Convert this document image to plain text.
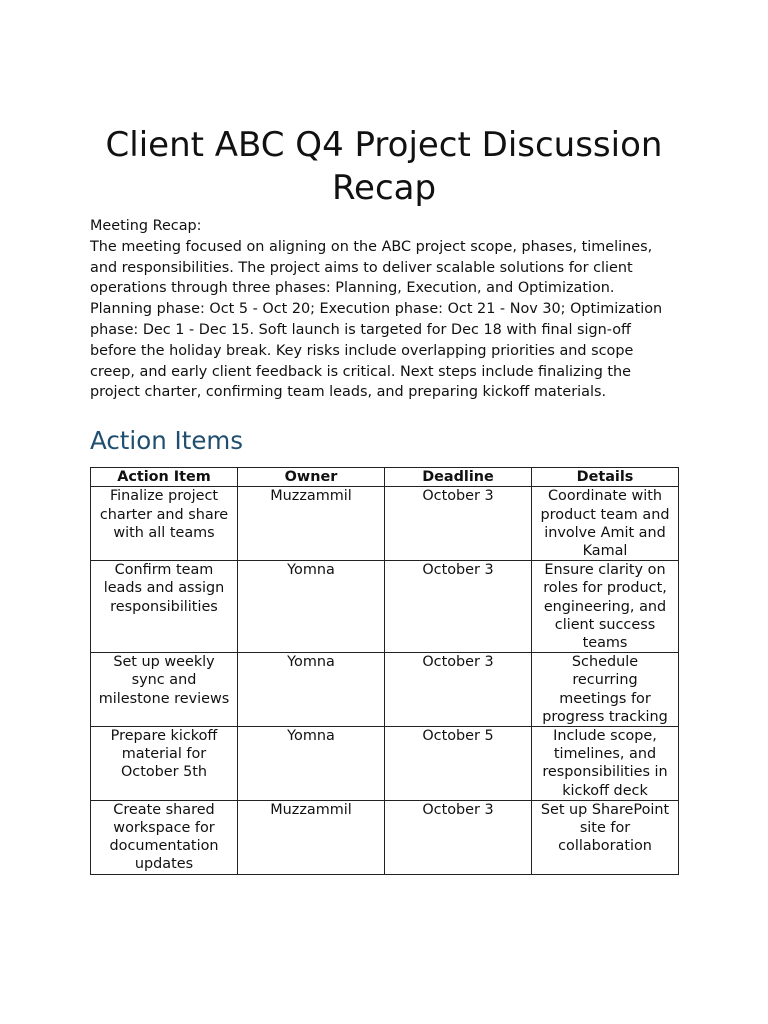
Client ABC Q4 Project Discussion Recap
Meeting Recap:
The meeting focused on aligning on the ABC project scope, phases, timelines, and responsibilities. The project aims to deliver scalable solutions for client operations through three phases: Planning, Execution, and Optimization. Planning phase: Oct 5 - Oct 20; Execution phase: Oct 21 - Nov 30; Optimization phase: Dec 1 - Dec 15. Soft launch is targeted for Dec 18 with final sign-off before the holiday break. Key risks include overlapping priorities and scope creep, and early client feedback is critical. Next steps include finalizing the project charter, confirming team leads, and preparing kickoff materials.
Action Items
Action Item	Owner	Deadline	Details
Finalize project charter and share with all teams	Muzzammil	October 3	Coordinate with product team and involve Amit and Kamal
Confirm team leads and assign responsibilities	Yomna	October 3	Ensure clarity on roles for product, engineering, and client success teams
Set up weekly sync and milestone reviews	Yomna	October 3	Schedule recurring meetings for progress tracking
Prepare kickoff material for October 5th	Yomna	October 5	Include scope, timelines, and responsibilities in kickoff deck
Create shared workspace for documentation updates	Muzzammil	October 3	Set up SharePoint site for collaboration
